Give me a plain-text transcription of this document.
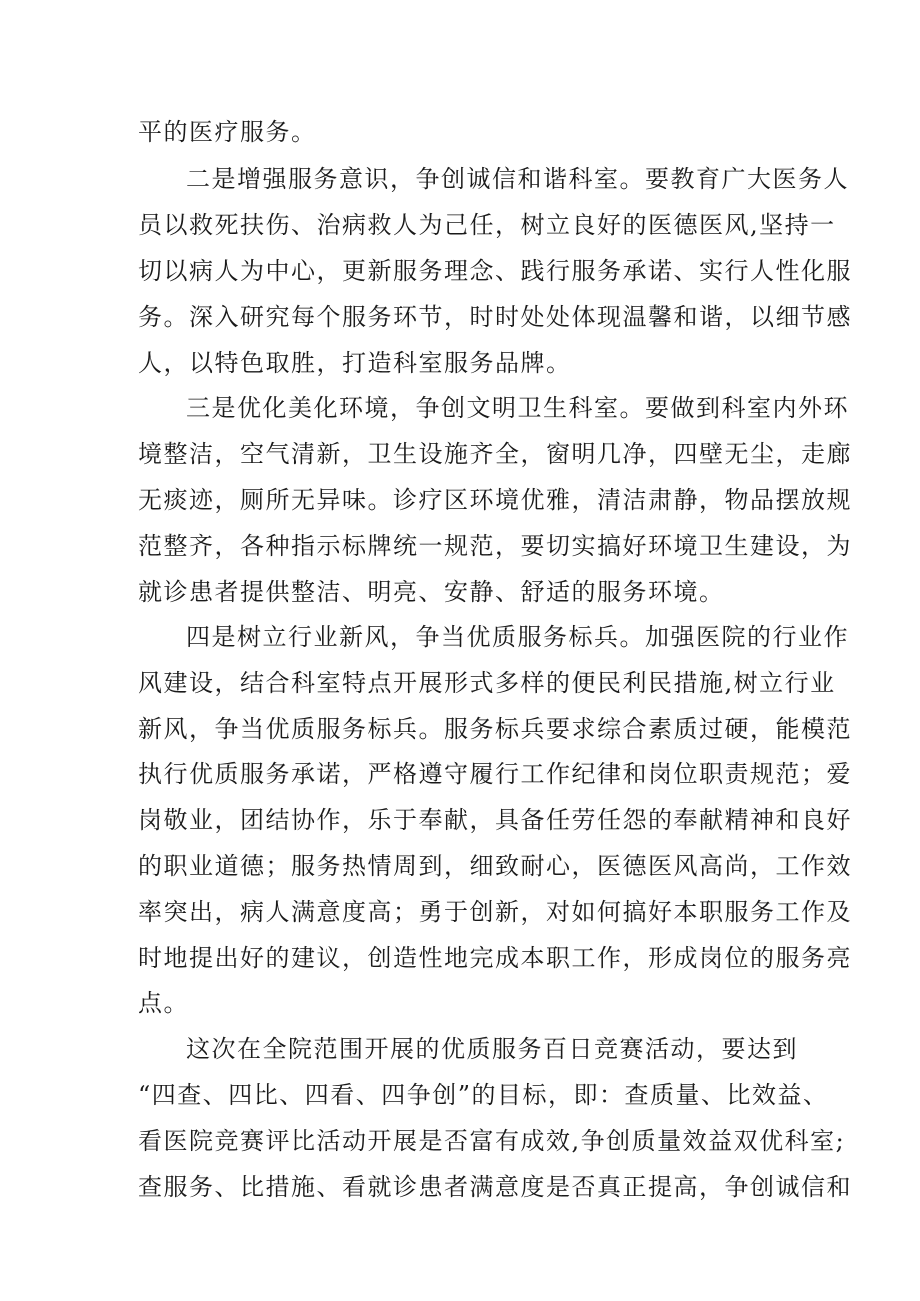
平的医疗服务。
二是增强服务意识，争创诚信和谐科室。要教育广大医务人
员以救死扶伤、治病救人为己任，树立良好的医德医风,坚持一
切以病人为中心，更新服务理念、践行服务承诺、实行人性化服
务。深入研究每个服务环节，时时处处体现温馨和谐，以细节感
人，以特色取胜，打造科室服务品牌。
三是优化美化环境，争创文明卫生科室。要做到科室内外环
境整洁，空气清新，卫生设施齐全，窗明几净，四壁无尘，走廊
无痰迹，厕所无异味。诊疗区环境优雅，清洁肃静，物品摆放规
范整齐，各种指示标牌统一规范，要切实搞好环境卫生建设，为
就诊患者提供整洁、明亮、安静、舒适的服务环境。
四是树立行业新风，争当优质服务标兵。加强医院的行业作
风建设，结合科室特点开展形式多样的便民利民措施,树立行业
新风，争当优质服务标兵。服务标兵要求综合素质过硬，能模范
执行优质服务承诺，严格遵守履行工作纪律和岗位职责规范；爱
岗敬业，团结协作，乐于奉献，具备任劳任怨的奉献精神和良好
的职业道德；服务热情周到，细致耐心，医德医风高尚，工作效
率突出，病人满意度高；勇于创新，对如何搞好本职服务工作及
时地提出好的建议，创造性地完成本职工作，形成岗位的服务亮
点。
这次在全院范围开展的优质服务百日竞赛活动，要达到
“四查、四比、四看、四争创”的目标，即：查质量、比效益、
看医院竞赛评比活动开展是否富有成效,争创质量效益双优科室;
查服务、比措施、看就诊患者满意度是否真正提高，争创诚信和
